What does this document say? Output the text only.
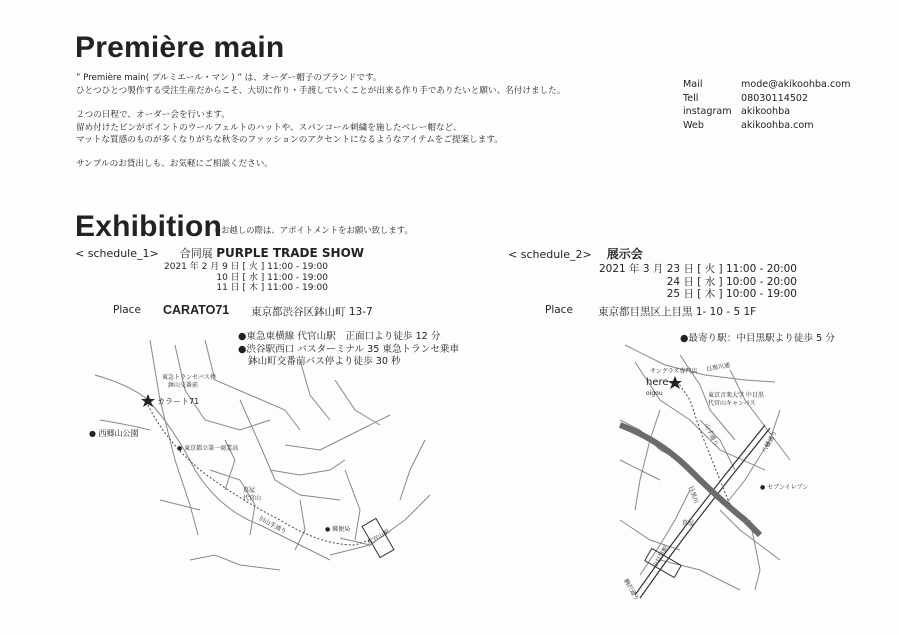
Première main
” Première main( プルミエール・マン ) ” は、オーダー帽子のブランドです。
ひとつひとつ製作する受注生産だからこそ、大切に作り・手渡していくことが出来る作り手でありたいと願い、名付けました。
２つの日程で、オーダー会を行います。
留め付けたピンがポイントのウールフェルトのハットや、スパンコール刺繍を施したベレー帽など、
マットな質感のものが多くなりがちな秋冬のファッションのアクセントになるようなアイテムをご提案します。
サンプルのお貸出しも、お気軽にご相談ください。
Mail	mode@akikoohba.com
Tell	08030114502
instagram akikoohba
Web	akikoohba.com
Exhibition
※お越しの際は、アポイトメントをお願い致します。
< schedule_1> 合同展 PURPLE TRADE SHOW
2021 年 2 月 9 日 [ 火 ] 11:00 - 19:00
10 日 [ 水 ] 11:00 - 19:00
11 日 [ 木 ] 11:00 - 19:00
Place CARATO71 東京都渋谷区鉢山町 13-7
●東急東横線 代官山駅　正面口より徒歩 12 分
●渋谷駅西口 バスターミナル 35 東急トランセ乗車
鉢山町交番前バス停より徒歩 30 秒
< schedule_2> 展示会
2021 年 3 月 23 日 [ 火 ] 11:00 - 20:00
24 日 [ 水 ] 10:00 - 20:00
25 日 [ 木 ] 10:00 - 19:00
Place 東京都目黒区上目黒 1- 10 - 5 1F
●最寄り駅：中目黒駅より徒歩 5 分
東急トランセバス停
鉢山交番前
カラート71
● 西郷山公園
● 東京都立第一商業高
蔦屋
代官山
旧山手通り	● 郵便局	代官山駅
サングラス専門店 目黒川通
here
oigou	東京音楽大学 中目黒
代官山キャンパス
山手通り
目黒川	● セブンイレブン
蔦屋
中目黒駅
駒沢通り
八幡通り
